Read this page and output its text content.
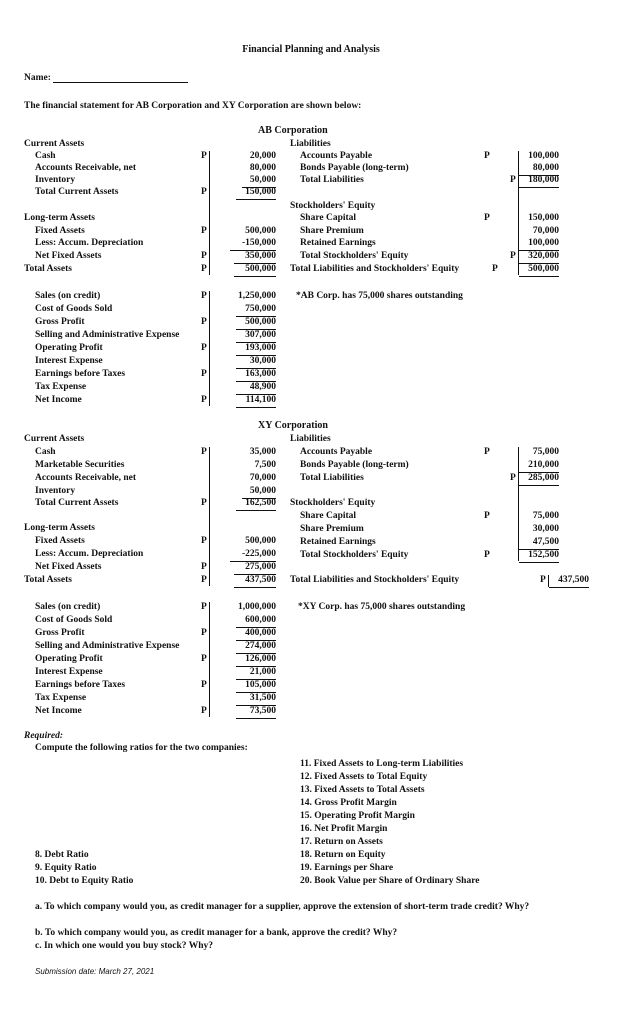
Financial Planning and Analysis
Name:
The financial statement for AB Corporation and XY Corporation are shown below:
AB Corporation
Current Assets
Cash
Accounts Receivable, net
Inventory
Total Current Assets
Long-term Assets
Fixed Assets
Less: Accum. Depreciation
Net Fixed Assets
Total Assets
P
P
P
P
P
20,000
80,000
50,000
150,000
500,000
-150,000
350,000
500,000
Liabilities
Accounts Payable
Bonds Payable (long-term)
Total Liabilities
Stockholders' Equity
Share Capital
Share Premium
Retained Earnings
Total Stockholders' Equity
Total Liabilities and Stockholders' Equity
P
P
P
P
P
100,000
80,000
180,000
150,000
70,000
100,000
320,000
500,000
Sales (on credit)
Cost of Goods Sold
Gross Profit
Selling and Administrative Expense
Operating Profit
Interest Expense
Earnings before Taxes
Tax Expense
Net Income
P
P
P
P
P
1,250,000
750,000
500,000
307,000
193,000
30,000
163,000
48,900
114,100
*AB Corp. has 75,000 shares outstanding
XY Corporation
Current Assets
Cash
Marketable Securities
Accounts Receivable, net
Inventory
Total Current Assets
Long-term Assets
Fixed Assets
Less: Accum. Depreciation
Net Fixed Assets
Total Assets
P
P
P
P
P
35,000
7,500
70,000
50,000
162,500
500,000
-225,000
275,000
437,500
Liabilities
Accounts Payable
Bonds Payable (long-term)
Total Liabilities
Stockholders' Equity
Share Capital
Share Premium
Retained Earnings
Total Stockholders' Equity
Total Liabilities and Stockholders' Equity
P
P
P
P
P
75,000
210,000
285,000
75,000
30,000
47,500
152,500
437,500
Sales (on credit)
Cost of Goods Sold
Gross Profit
Selling and Administrative Expense
Operating Profit
Interest Expense
Earnings before Taxes
Tax Expense
Net Income
P
P
P
P
P
1,000,000
600,000
400,000
274,000
126,000
21,000
105,000
31,500
73,500
*XY Corp. has 75,000 shares outstanding
Required:
Compute the following ratios for the two companies:
11. Fixed Assets to Long-term Liabilities
12. Fixed Assets to Total Equity
13. Fixed Assets to Total Assets
14. Gross Profit Margin
15. Operating Profit Margin
16. Net Profit Margin
17. Return on Assets
18. Return on Equity
19. Earnings per Share
20. Book Value per Share of Ordinary Share
8. Debt Ratio
9. Equity Ratio
10. Debt to Equity Ratio
a. To which company would you, as credit manager for a supplier, approve the extension of short-term trade credit? Why?
b. To which company would you, as credit manager for a bank, approve the credit? Why?
c. In which one would you buy stock? Why?
Submission date: March 27, 2021
